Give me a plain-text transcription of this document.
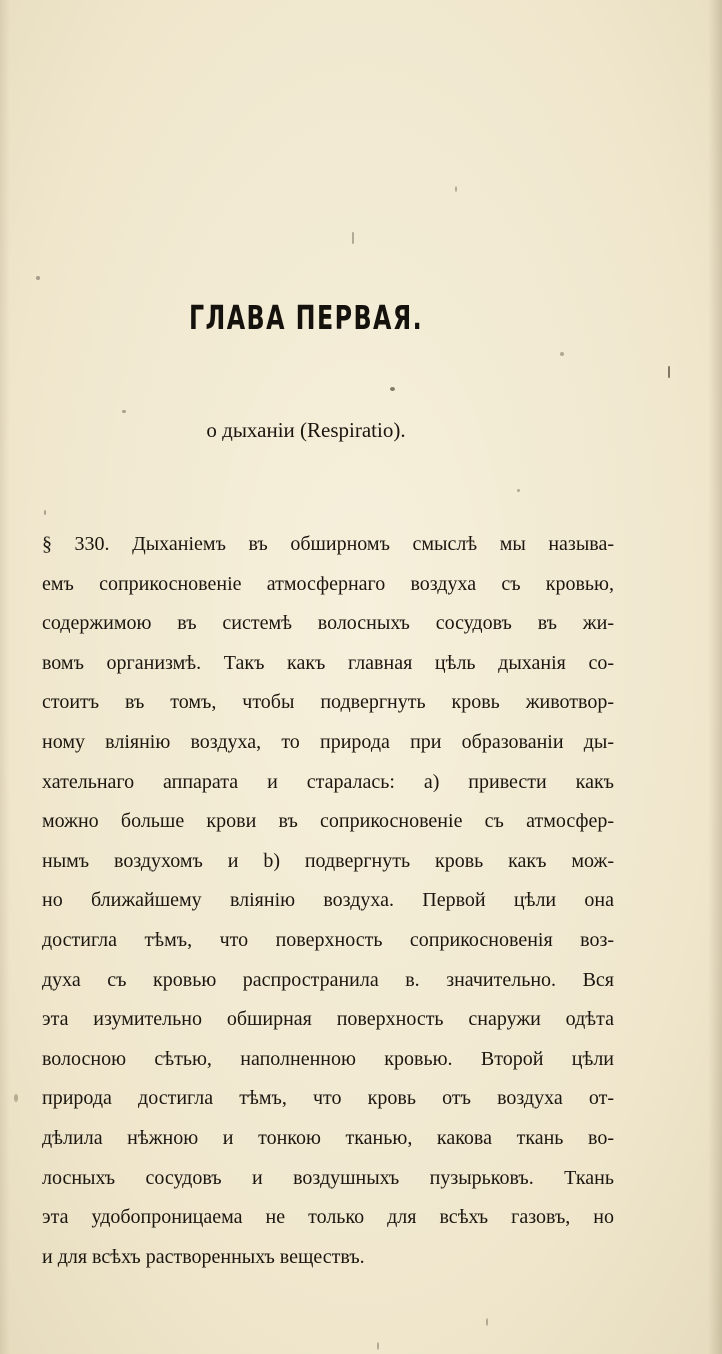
ГЛАВА ПЕРВАЯ.
о дыханіи (Respiratio).
§ 330. Дыханіемъ въ обширномъ смыслѣ мы называ-
емъ соприкосновеніе атмосфернаго воздуха съ кровью,
содержимою въ системѣ волосныхъ сосудовъ въ жи-
вомъ организмѣ. Такъ какъ главная цѣль дыханія со-
стоитъ въ томъ, чтобы подвергнуть кровь животвор-
ному вліянію воздуха, то природа при образованіи ды-
хательнаго аппарата и старалась: a) привести какъ
можно больше крови въ соприкосновеніе съ атмосфер-
нымъ воздухомъ и b) подвергнуть кровь какъ мож-
но ближайшему вліянію воздуха. Первой цѣли она
достигла тѣмъ, что поверхность соприкосновенія воз-
духа съ кровью распространила в. значительно. Вся
эта изумительно обширная поверхность снаружи одѣта
волосною сѣтью, наполненною кровью. Второй цѣли
природа достигла тѣмъ, что кровь отъ воздуха от-
дѣлила нѣжною и тонкою тканью, какова ткань во-
лосныхъ сосудовъ и воздушныхъ пузырьковъ. Ткань
эта удобопроницаема не только для всѣхъ газовъ, но
и для всѣхъ растворенныхъ веществъ.
